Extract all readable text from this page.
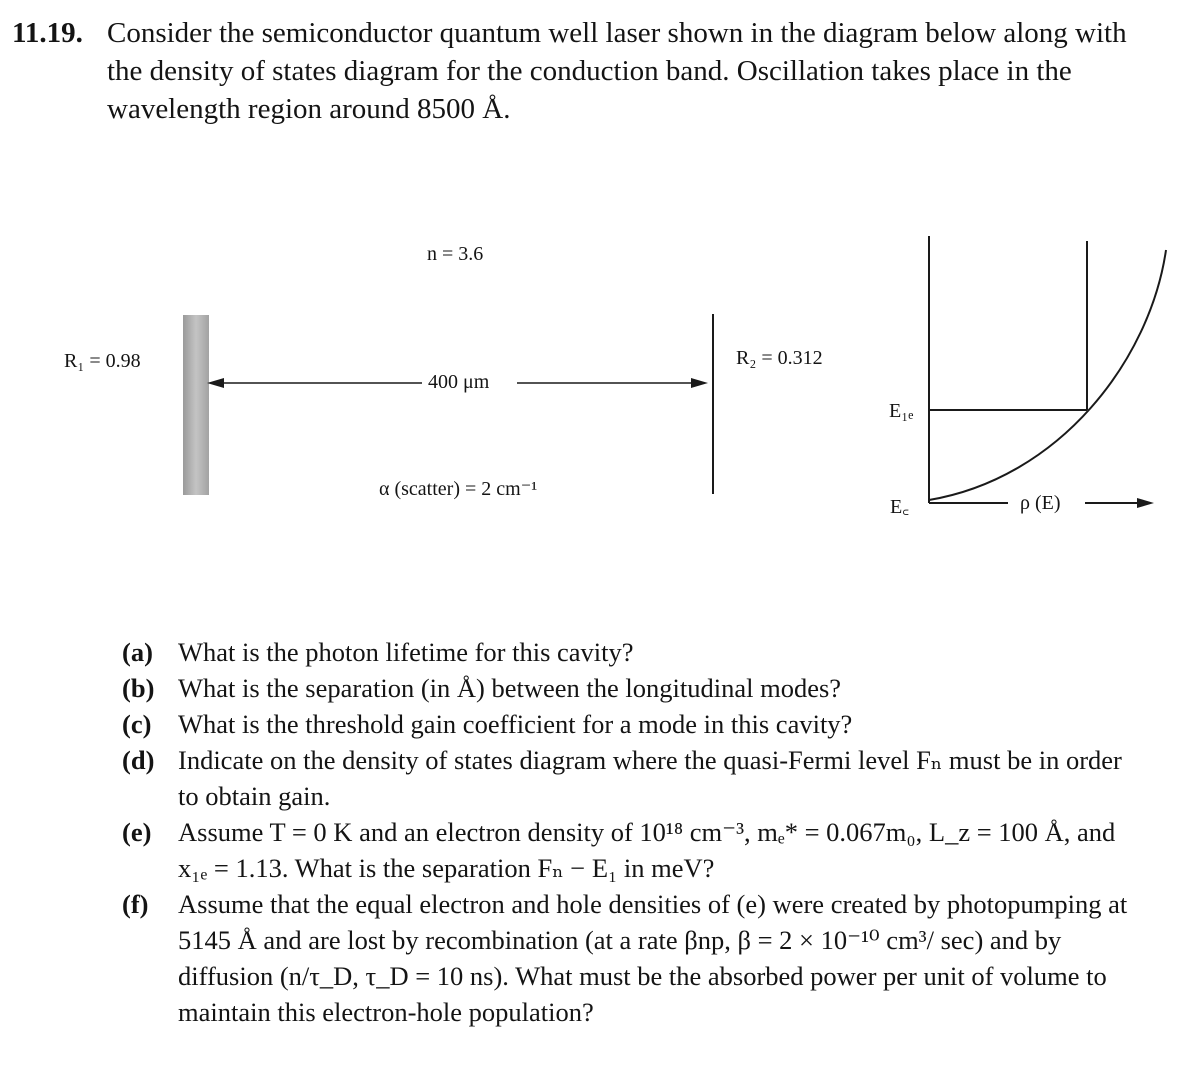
11.19. Consider the semiconductor quantum well laser shown in the diagram below along with the density of states diagram for the conduction band. Oscillation takes place in the wavelength region around 8500 Å.
n = 3.6
R₁ = 0.98
400 μm
R₂ = 0.312
α (scatter) = 2 cm⁻¹
E₁ₑ
E꜀	ρ (E)
(a) What is the photon lifetime for this cavity?
(b) What is the separation (in Å) between the longitudinal modes?
(c) What is the threshold gain coefficient for a mode in this cavity?
(d) Indicate on the density of states diagram where the quasi-Fermi level Fₙ must be in order to obtain gain.
(e) Assume T = 0 K and an electron density of 10¹⁸ cm⁻³, mₑ* = 0.067m₀, L_z = 100 Å, and x₁ₑ = 1.13. What is the separation Fₙ − E₁ in meV?
(f) Assume that the equal electron and hole densities of (e) were created by photopumping at 5145 Å and are lost by recombination (at a rate βnp, β = 2 × 10⁻¹⁰ cm³/ sec) and by diffusion (n/τ_D, τ_D = 10 ns). What must be the absorbed power per unit of volume to maintain this electron-hole population?
